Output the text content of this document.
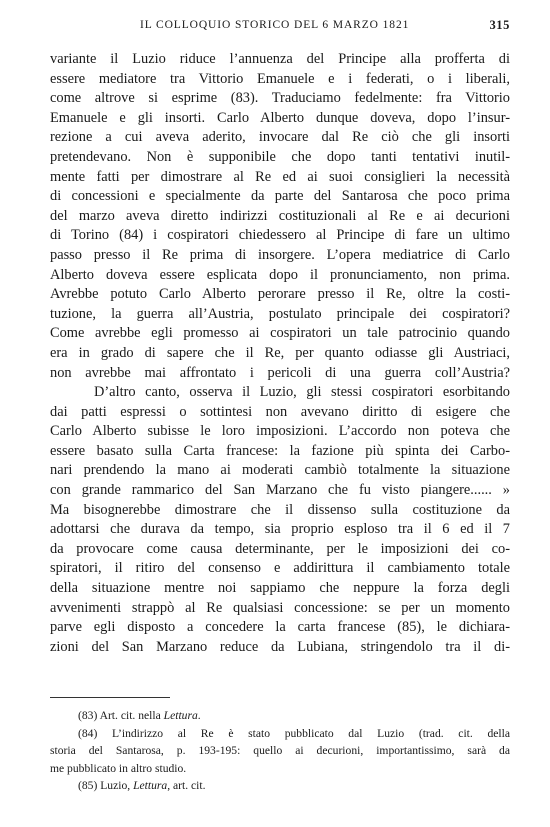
IL COLLOQUIO STORICO DEL 6 MARZO 1821	315
variante il Luzio riduce l’annuenza del Principe alla profferta di
essere mediatore tra Vittorio Emanuele e i federati, o i liberali,
come altrove si esprime (83). Traduciamo fedelmente: fra Vittorio
Emanuele e gli insorti. Carlo Alberto dunque doveva, dopo l’insur-
rezione a cui aveva aderito, invocare dal Re ciò che gli insorti
pretendevano. Non è supponibile che dopo tanti tentativi inutil-
mente fatti per dimostrare al Re ed ai suoi consiglieri la necessità
di concessioni e specialmente da parte del Santarosa che poco prima
del marzo aveva diretto indirizzi costituzionali al Re e ai decurioni
di Torino (84) i cospiratori chiedessero al Principe di fare un ultimo
passo presso il Re prima di insorgere. L’opera mediatrice di Carlo
Alberto doveva essere esplicata dopo il pronunciamento, non prima.
Avrebbe potuto Carlo Alberto perorare presso il Re, oltre la costi-
tuzione, la guerra all’Austria, postulato principale dei cospiratori?
Come avrebbe egli promesso ai cospiratori un tale patrocinio quando
era in grado di sapere che il Re, per quanto odiasse gli Austriaci,
non avrebbe mai affrontato i pericoli di una guerra coll’Austria?
D’altro canto, osserva il Luzio, gli stessi cospiratori esorbitando
dai patti espressi o sottintesi non avevano diritto di esigere che
Carlo Alberto subisse le loro imposizioni. L’accordo non poteva che
essere basato sulla Carta francese: la fazione più spinta dei Carbo-
nari prendendo la mano ai moderati cambiò totalmente la situazione
con grande rammarico del San Marzano che fu visto piangere...... »
Ma bisognerebbe dimostrare che il dissenso sulla costituzione da
adottarsi che durava da tempo, sia proprio esploso tra il 6 ed il 7
da provocare come causa determinante, per le imposizioni dei co-
spiratori, il ritiro del consenso e addirittura il cambiamento totale
della situazione mentre noi sappiamo che neppure la forza degli
avvenimenti strappò al Re qualsiasi concessione: se per un momento
parve egli disposto a concedere la carta francese (85), le dichiara-
zioni del San Marzano reduce da Lubiana, stringendolo tra il di-
(83) Art. cit. nella Lettura.
(84) L’indirizzo al Re è stato pubblicato dal Luzio (trad. cit. della
storia del Santarosa, p. 193-195: quello ai decurioni, importantissimo, sarà da
me pubblicato in altro studio.
(85) Luzio, Lettura, art. cit.
